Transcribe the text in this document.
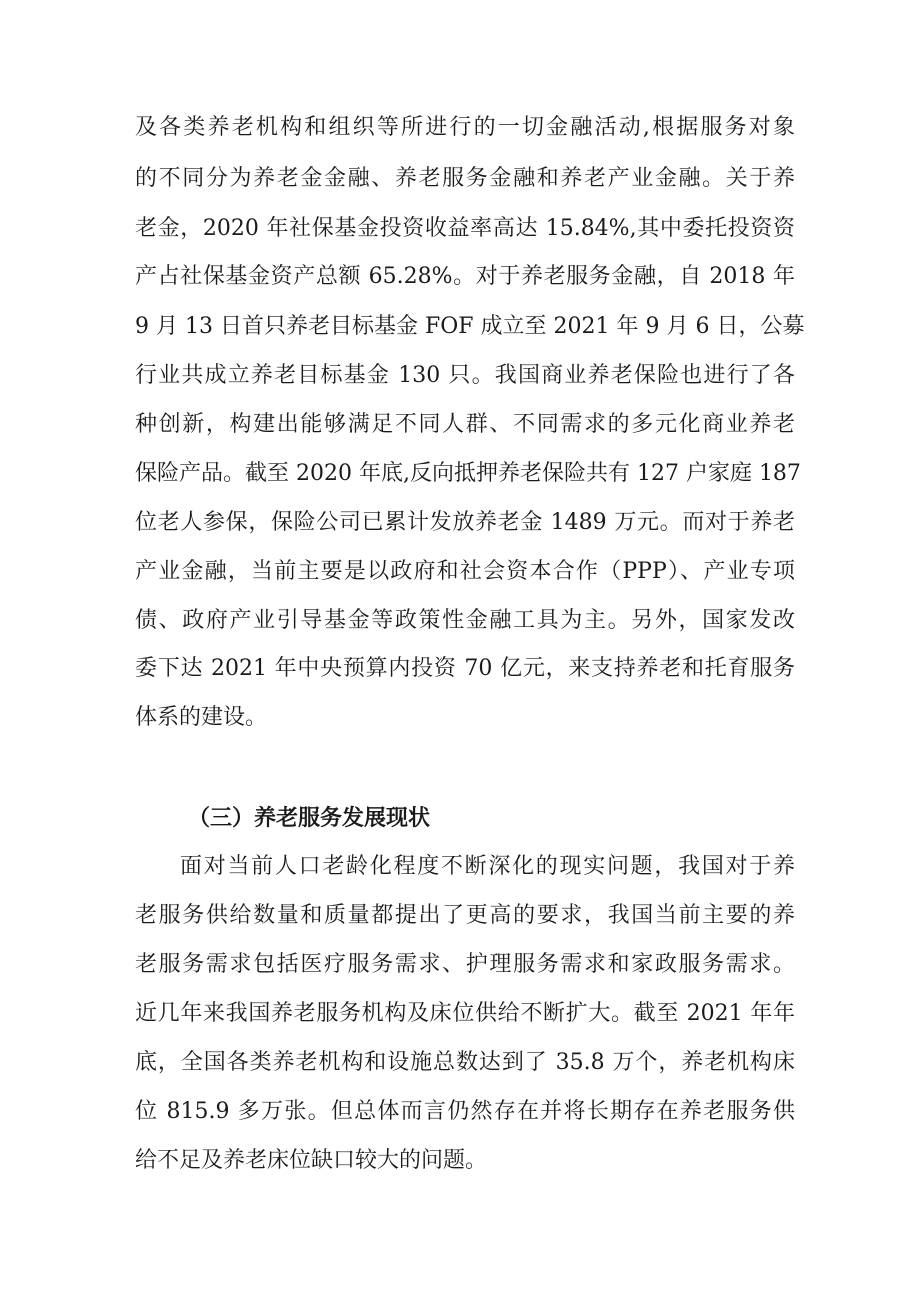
及各类养老机构和组织等所进行的一切金融活动,根据服务对象
的不同分为养老金金融、养老服务金融和养老产业金融。关于养
老金，2020 年社保基金投资收益率高达 15.84%,其中委托投资资
产占社保基金资产总额 65.28%。对于养老服务金融，自 2018 年
9 月 13 日首只养老目标基金 FOF 成立至 2021 年 9 月 6 日，公募
行业共成立养老目标基金 130 只。我国商业养老保险也进行了各
种创新，构建出能够满足不同人群、不同需求的多元化商业养老
保险产品。截至 2020 年底,反向抵押养老保险共有 127 户家庭 187
位老人参保，保险公司已累计发放养老金 1489 万元。而对于养老
产业金融，当前主要是以政府和社会资本合作（PPP）、产业专项
债、政府产业引导基金等政策性金融工具为主。另外，国家发改
委下达 2021 年中央预算内投资 70 亿元，来支持养老和托育服务
体系的建设。
（三）养老服务发展现状
面对当前人口老龄化程度不断深化的现实问题，我国对于养
老服务供给数量和质量都提出了更高的要求，我国当前主要的养
老服务需求包括医疗服务需求、护理服务需求和家政服务需求。
近几年来我国养老服务机构及床位供给不断扩大。截至 2021 年年
底，全国各类养老机构和设施总数达到了 35.8 万个，养老机构床
位 815.9 多万张。但总体而言仍然存在并将长期存在养老服务供
给不足及养老床位缺口较大的问题。
